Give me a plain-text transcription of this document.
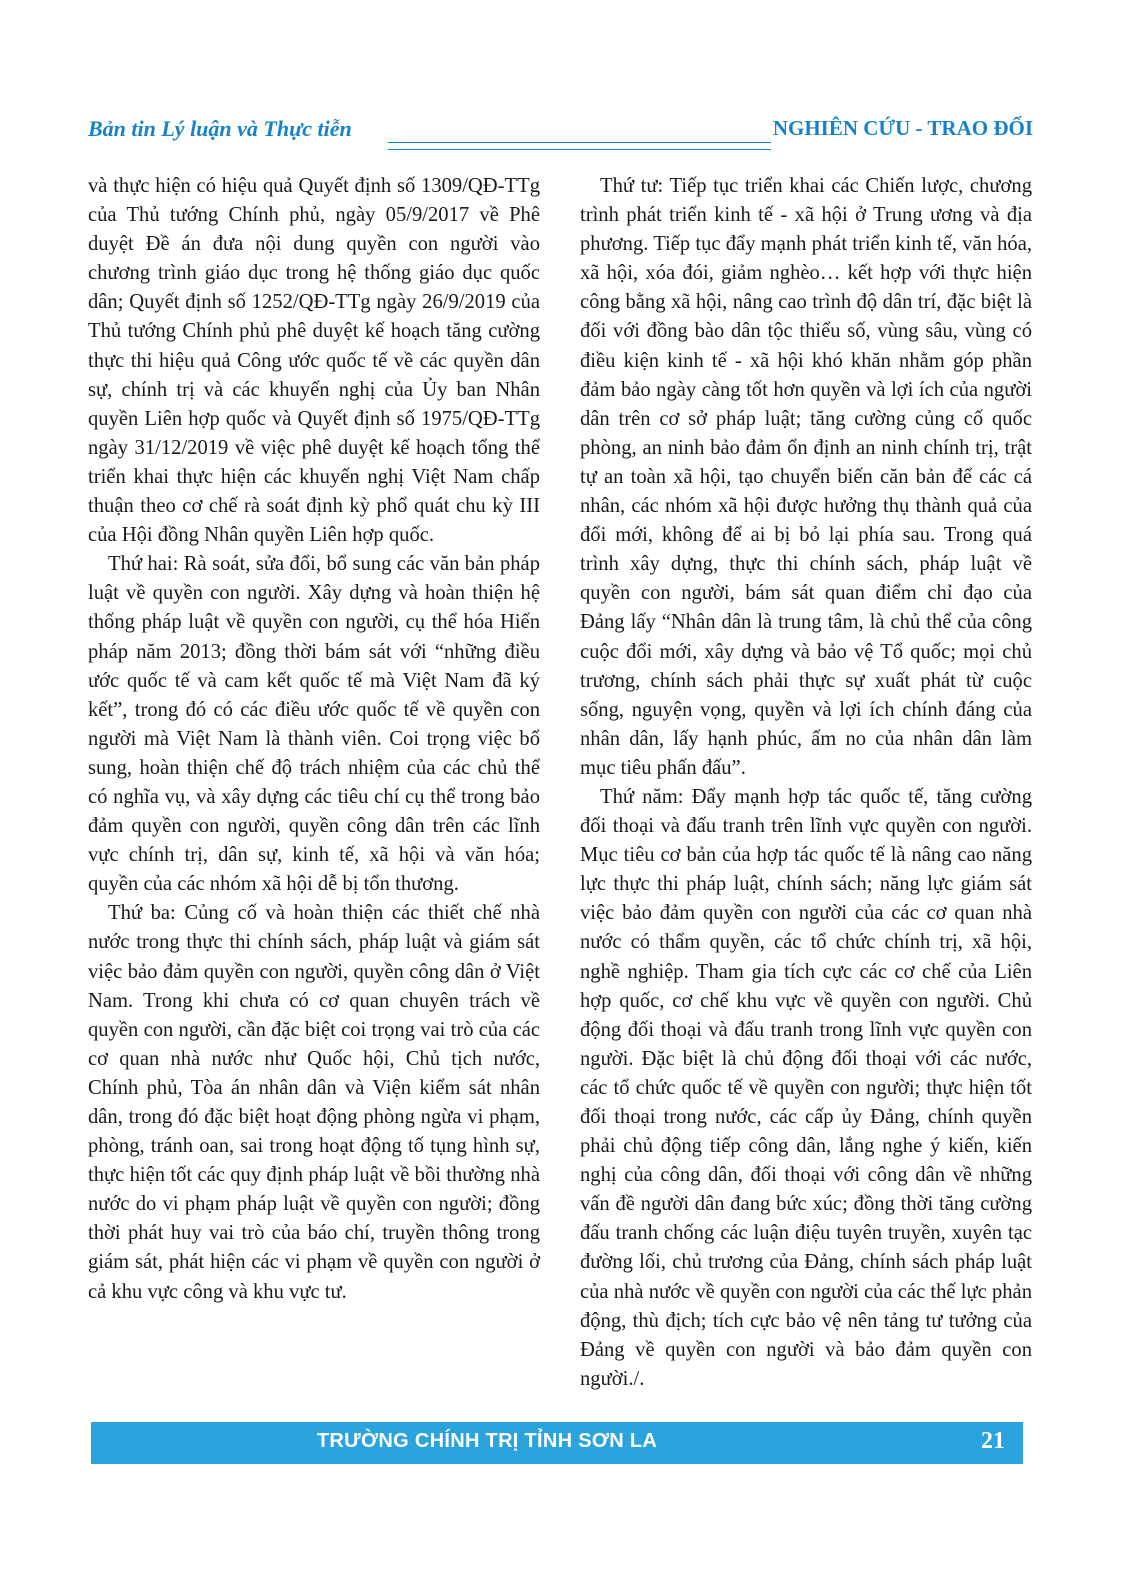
Bản tin Lý luận và Thực tiễn	NGHIÊN CỨU - TRAO ĐỔI

và thực hiện có hiệu quả Quyết định số 1309/QĐ-TTg của Thủ tướng Chính phủ, ngày 05/9/2017 về Phê duyệt Đề án đưa nội dung quyền con người vào chương trình giáo dục trong hệ thống giáo dục quốc dân; Quyết định số 1252/QĐ-TTg ngày 26/9/2019 của Thủ tướng Chính phủ phê duyệt kế hoạch tăng cường thực thi hiệu quả Công ước quốc tế về các quyền dân sự, chính trị và các khuyến nghị của Ủy ban Nhân quyền Liên hợp quốc và Quyết định số 1975/QĐ-TTg ngày 31/12/2019 về việc phê duyệt kế hoạch tổng thể triển khai thực hiện các khuyến nghị Việt Nam chấp thuận theo cơ chế rà soát định kỳ phổ quát chu kỳ III của Hội đồng Nhân quyền Liên hợp quốc.

Thứ hai: Rà soát, sửa đổi, bổ sung các văn bản pháp luật về quyền con người. Xây dựng và hoàn thiện hệ thống pháp luật về quyền con người, cụ thể hóa Hiến pháp năm 2013; đồng thời bám sát với “những điều ước quốc tế và cam kết quốc tế mà Việt Nam đã ký kết”, trong đó có các điều ước quốc tế về quyền con người mà Việt Nam là thành viên. Coi trọng việc bổ sung, hoàn thiện chế độ trách nhiệm của các chủ thể có nghĩa vụ, và xây dựng các tiêu chí cụ thể trong bảo đảm quyền con người, quyền công dân trên các lĩnh vực chính trị, dân sự, kinh tế, xã hội và văn hóa; quyền của các nhóm xã hội dễ bị tổn thương.

Thứ ba: Củng cố và hoàn thiện các thiết chế nhà nước trong thực thi chính sách, pháp luật và giám sát việc bảo đảm quyền con người, quyền công dân ở Việt Nam. Trong khi chưa có cơ quan chuyên trách về quyền con người, cần đặc biệt coi trọng vai trò của các cơ quan nhà nước như Quốc hội, Chủ tịch nước, Chính phủ, Tòa án nhân dân và Viện kiểm sát nhân dân, trong đó đặc biệt hoạt động phòng ngừa vi phạm, phòng, tránh oan, sai trong hoạt động tố tụng hình sự, thực hiện tốt các quy định pháp luật về bồi thường nhà nước do vi phạm pháp luật về quyền con người; đồng thời phát huy vai trò của báo chí, truyền thông trong giám sát, phát hiện các vi phạm về quyền con người ở cả khu vực công và khu vực tư.

Thứ tư: Tiếp tục triển khai các Chiến lược, chương trình phát triển kinh tế - xã hội ở Trung ương và địa phương. Tiếp tục đẩy mạnh phát triển kinh tế, văn hóa, xã hội, xóa đói, giảm nghèo… kết hợp với thực hiện công bằng xã hội, nâng cao trình độ dân trí, đặc biệt là đối với đồng bào dân tộc thiểu số, vùng sâu, vùng có điều kiện kinh tế - xã hội khó khăn nhằm góp phần đảm bảo ngày càng tốt hơn quyền và lợi ích của người dân trên cơ sở pháp luật; tăng cường củng cố quốc phòng, an ninh bảo đảm ổn định an ninh chính trị, trật tự an toàn xã hội, tạo chuyển biến căn bản để các cá nhân, các nhóm xã hội được hưởng thụ thành quả của đổi mới, không để ai bị bỏ lại phía sau. Trong quá trình xây dựng, thực thi chính sách, pháp luật về quyền con người, bám sát quan điểm chỉ đạo của Đảng lấy “Nhân dân là trung tâm, là chủ thể của công cuộc đổi mới, xây dựng và bảo vệ Tổ quốc; mọi chủ trương, chính sách phải thực sự xuất phát từ cuộc sống, nguyện vọng, quyền và lợi ích chính đáng của nhân dân, lấy hạnh phúc, ấm no của nhân dân làm mục tiêu phấn đấu”.

Thứ năm: Đẩy mạnh hợp tác quốc tế, tăng cường đối thoại và đấu tranh trên lĩnh vực quyền con người. Mục tiêu cơ bản của hợp tác quốc tế là nâng cao năng lực thực thi pháp luật, chính sách; năng lực giám sát việc bảo đảm quyền con người của các cơ quan nhà nước có thẩm quyền, các tổ chức chính trị, xã hội, nghề nghiệp. Tham gia tích cực các cơ chế của Liên hợp quốc, cơ chế khu vực về quyền con người. Chủ động đối thoại và đấu tranh trong lĩnh vực quyền con người. Đặc biệt là chủ động đối thoại với các nước, các tổ chức quốc tế về quyền con người; thực hiện tốt đối thoại trong nước, các cấp ủy Đảng, chính quyền phải chủ động tiếp công dân, lắng nghe ý kiến, kiến nghị của công dân, đối thoại với công dân về những vấn đề người dân đang bức xúc; đồng thời tăng cường đấu tranh chống các luận điệu tuyên truyền, xuyên tạc đường lối, chủ trương của Đảng, chính sách pháp luật của nhà nước về quyền con người của các thế lực phản động, thù địch; tích cực bảo vệ nên tảng tư tưởng của Đảng về quyền con người và bảo đảm quyền con người./.

TRƯỜNG CHÍNH TRỊ TỈNH SƠN LA	21
